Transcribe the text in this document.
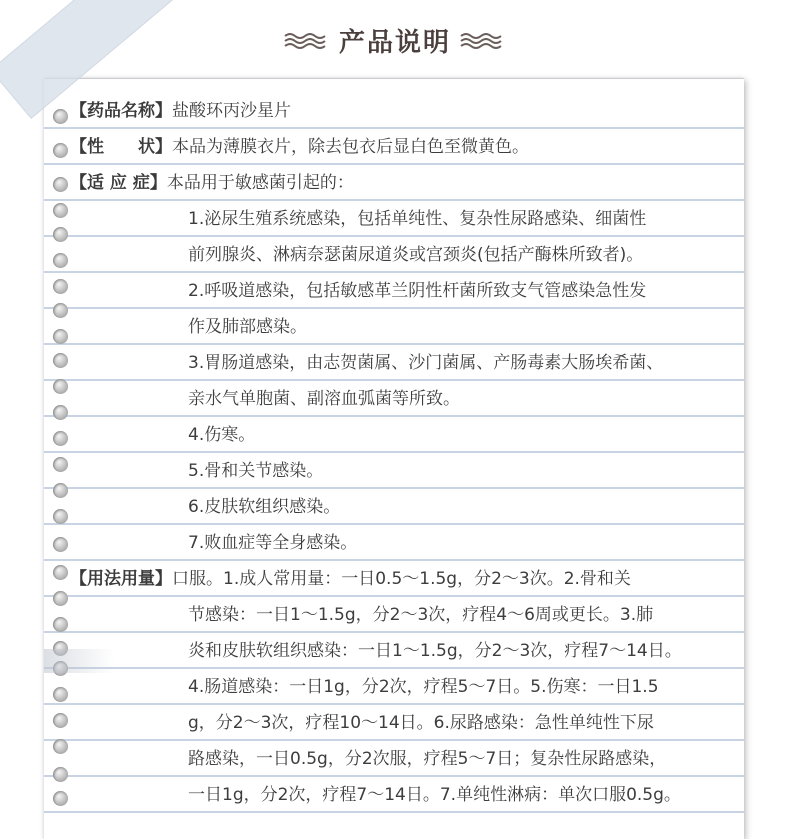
产品说明
【药品名称】盐酸环丙沙星片
【性　　状】本品为薄膜衣片，除去包衣后显白色至微黄色。
【适 应 症】本品用于敏感菌引起的：
1.泌尿生殖系统感染，包括单纯性、复杂性尿路感染、细菌性
前列腺炎、淋病奈瑟菌尿道炎或宫颈炎(包括产酶株所致者)。
2.呼吸道感染，包括敏感革兰阴性杆菌所致支气管感染急性发
作及肺部感染。
3.胃肠道感染，由志贺菌属、沙门菌属、产肠毒素大肠埃希菌、
亲水气单胞菌、副溶血弧菌等所致。
4.伤寒。
5.骨和关节感染。
6.皮肤软组织感染。
7.败血症等全身感染。
【用法用量】口服。1.成人常用量：一日0.5～1.5g，分2～3次。2.骨和关
节感染：一日1～1.5g，分2～3次，疗程4～6周或更长。3.肺
炎和皮肤软组织感染：一日1～1.5g，分2～3次，疗程7～14日。
4.肠道感染：一日1g，分2次，疗程5～7日。5.伤寒：一日1.5
g，分2～3次，疗程10～14日。6.尿路感染：急性单纯性下尿
路感染，一日0.5g，分2次服，疗程5～7日；复杂性尿路感染，
一日1g，分2次，疗程7～14日。7.单纯性淋病：单次口服0.5g。
